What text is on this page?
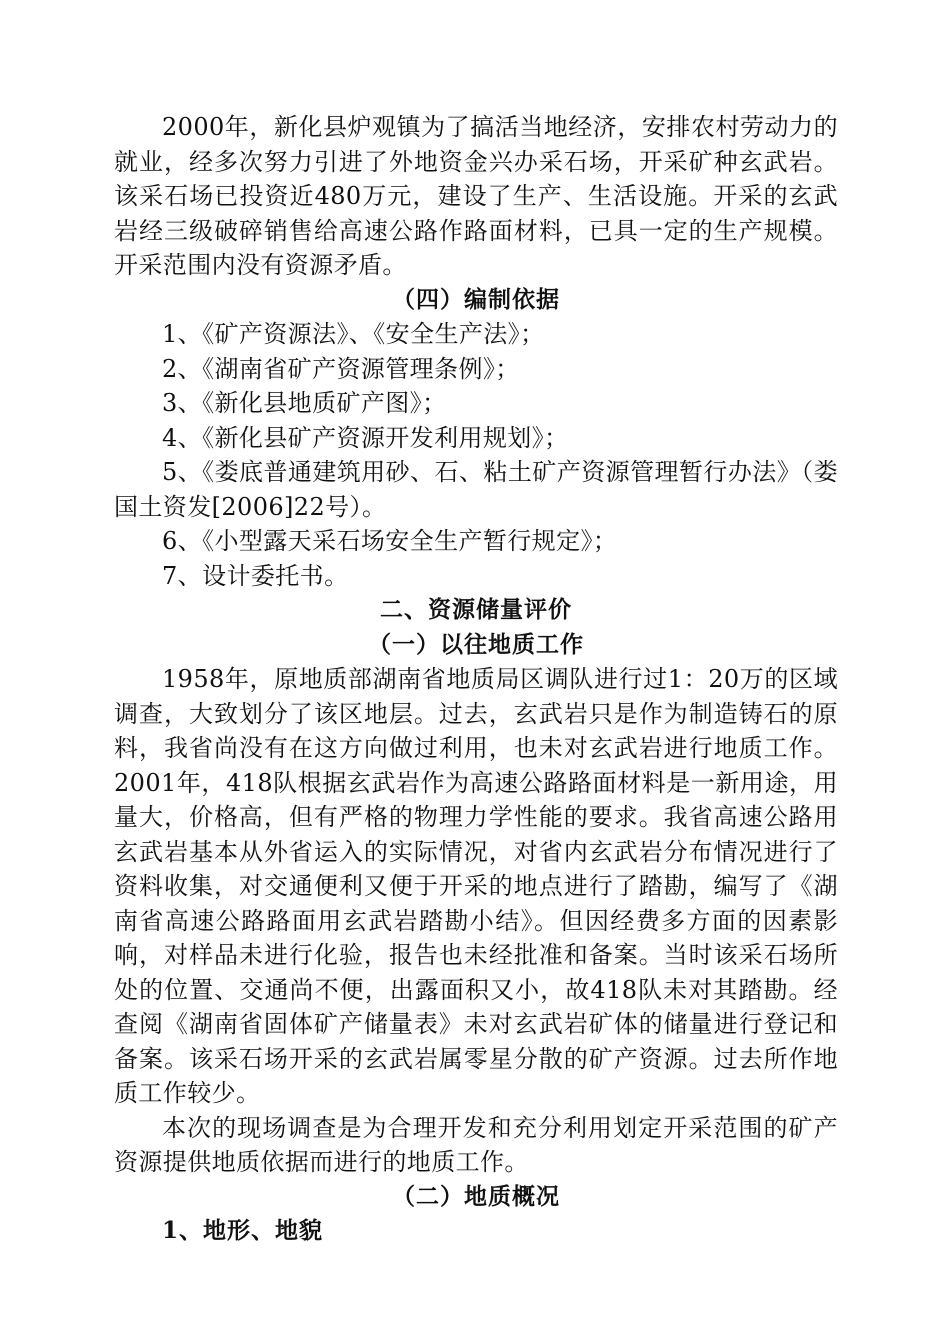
2000年，新化县炉观镇为了搞活当地经济，安排农村劳动力的就业，经多次努力引进了外地资金兴办采石场，开采矿种玄武岩。该采石场已投资近480万元，建设了生产、生活设施。开采的玄武岩经三级破碎销售给高速公路作路面材料，已具一定的生产规模。开采范围内没有资源矛盾。

（四）编制依据

1、《矿产资源法》、《安全生产法》；

2、《湖南省矿产资源管理条例》；

3、《新化县地质矿产图》；

4、《新化县矿产资源开发利用规划》；

5、《娄底普通建筑用砂、石、粘土矿产资源管理暂行办法》（娄国土资发[2006]22号）。

6、《小型露天采石场安全生产暂行规定》；

7、设计委托书。

二、资源储量评价

（一）以往地质工作

1958年，原地质部湖南省地质局区调队进行过1：20万的区域调查，大致划分了该区地层。过去，玄武岩只是作为制造铸石的原料，我省尚没有在这方向做过利用，也未对玄武岩进行地质工作。2001年，418队根据玄武岩作为高速公路路面材料是一新用途，用量大，价格高，但有严格的物理力学性能的要求。我省高速公路用玄武岩基本从外省运入的实际情况，对省内玄武岩分布情况进行了资料收集，对交通便利又便于开采的地点进行了踏勘，编写了《湖南省高速公路路面用玄武岩踏勘小结》。但因经费多方面的因素影响，对样品未进行化验，报告也未经批准和备案。当时该采石场所处的位置、交通尚不便，出露面积又小，故418队未对其踏勘。经查阅《湖南省固体矿产储量表》未对玄武岩矿体的储量进行登记和备案。该采石场开采的玄武岩属零星分散的矿产资源。过去所作地质工作较少。

本次的现场调查是为合理开发和充分利用划定开采范围的矿产资源提供地质依据而进行的地质工作。

（二）地质概况

1、地形、地貌
